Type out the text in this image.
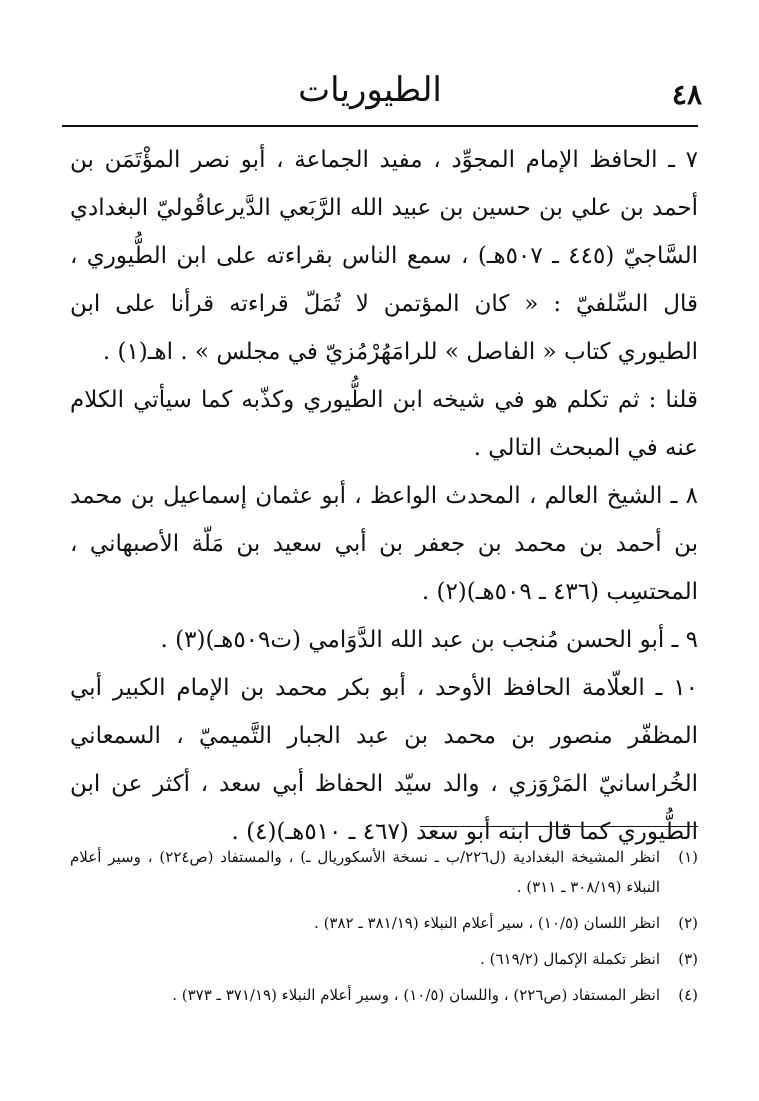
٤٨
الطيوريات

٧ ـ الحافظ الإمام المجوِّد ، مفيد الجماعة ، أبو نصر المؤْتَمَن بن أحمد بن علي بن حسين بن عبيد الله الرَّبَعي الدَّيرعاقُوليّ البغدادي السَّاجيّ (٤٤٥ ـ ٥٠٧هـ) ، سمع الناس بقراءته على ابن الطُّيوري ، قال السِّلفيّ : « كان المؤتمن لا تُمَلّ قراءته قرأنا على ابن الطيوري كتاب « الفاصل » للرامَهُرْمُزيّ في مجلس » . اهـ(١) .

قلنا : ثم تكلم هو في شيخه ابن الطُّيوري وكذّبه كما سيأتي الكلام عنه في المبحث التالي .

٨ ـ الشيخ العالم ، المحدث الواعظ ، أبو عثمان إسماعيل بن محمد بن أحمد بن محمد بن جعفر بن أبي سعيد بن مَلّة الأصبهاني ، المحتسِب (٤٣٦ ـ ٥٠٩هـ)(٢) .

٩ ـ أبو الحسن مُنجب بن عبد الله الدَّوَامي (ت٥٠٩هـ)(٣) .

١٠ ـ العلّامة الحافظ الأوحد ، أبو بكر محمد بن الإمام الكبير أبي المظفّر منصور بن محمد بن عبد الجبار التَّميميّ ، السمعاني الخُراسانيّ المَرْوَزي ، والد سيّد الحفاظ أبي سعد ، أكثر عن ابن الطُّيوري كما قال ابنه أبو سعد (٤٦٧ ـ ٥١٠هـ)(٤) .

(١)
انظر المشيخة البغدادية (ل٢٢٦/ب ـ نسخة الأسكوريال ـ) ، والمستفاد (ص٢٢٤) ، وسير أعلام النبلاء (٣٠٨/١٩ ـ ٣١١) .
(٢)
انظر اللسان (١٠/٥) ، سير أعلام النبلاء (٣٨١/١٩ ـ ٣٨٢) .
(٣)
انظر تكملة الإكمال (٦١٩/٢) .
(٤)
انظر المستفاد (ص٢٢٦) ، واللسان (١٠/٥) ، وسير أعلام النبلاء (٣٧١/١٩ ـ ٣٧٣) .
